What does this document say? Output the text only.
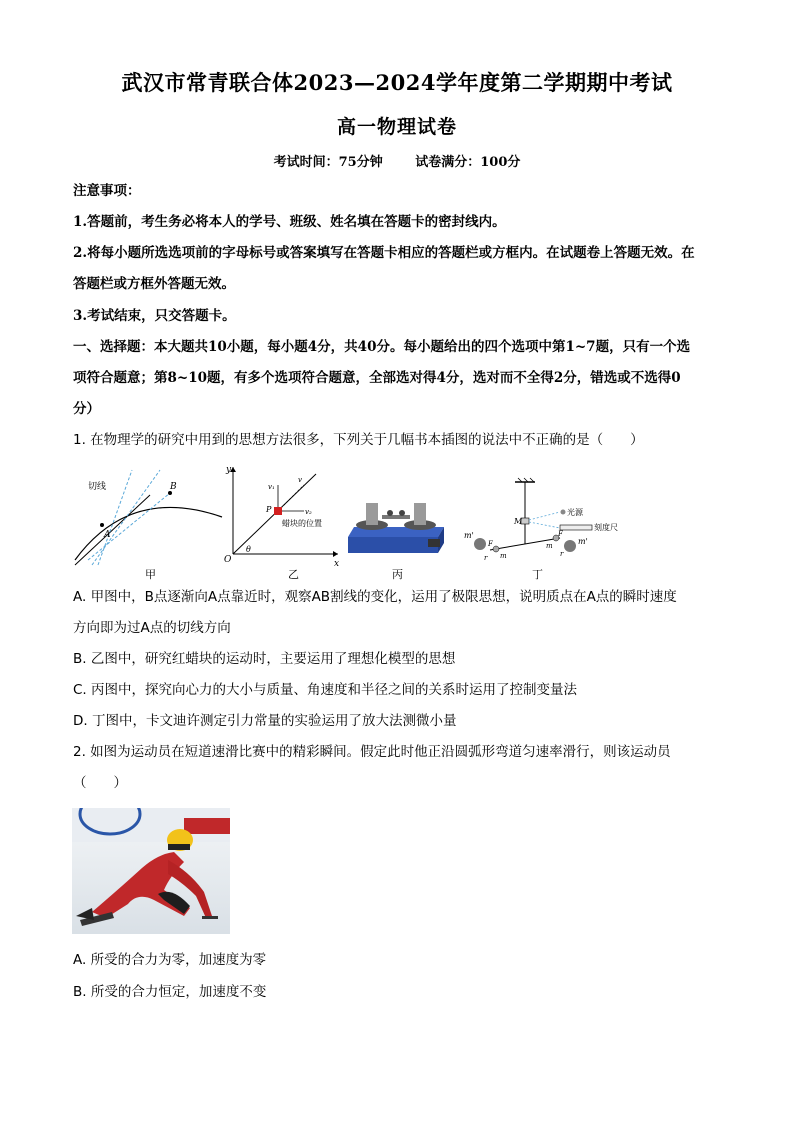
武汉市常青联合体2023—2024学年度第二学期期中考试
高一物理试卷
考试时间：75分钟	试卷满分：100分
注意事项：
1.答题前，考生务必将本人的学号、班级、姓名填在答题卡的密封线内。
2.将每小题所选选项前的字母标号或答案填写在答题卡相应的答题栏或方框内。在试题卷上答题无效。在
答题栏或方框外答题无效。
3.考试结束，只交答题卡。
一、选择题：本大题共10小题，每小题4分，共40分。每小题给出的四个选项中第1~7题，只有一个选
项符合题意；第8~10题，有多个选项符合题意，全部选对得4分，选对而不全得2分，错选或不选得0
分）
1. 在物理学的研究中用到的思想方法很多，下列关于几幅书本插图的说法中不正确的是（　　）
切线
A
B
甲
y
x
O
P
θ
v₁
v₂
v
蜡块的位置
乙	丙
光源
刻度尺
M
m'
m'
m
m
F
F
r	r
丁
A. 甲图中，B点逐渐向A点靠近时，观察AB割线的变化，运用了极限思想，说明质点在A点的瞬时速度
方向即为过A点的切线方向
B. 乙图中，研究红蜡块的运动时，主要运用了理想化模型的思想
C. 丙图中，探究向心力的大小与质量、角速度和半径之间的关系时运用了控制变量法
D. 丁图中，卡文迪许测定引力常量的实验运用了放大法测微小量
2. 如图为运动员在短道速滑比赛中的精彩瞬间。假定此时他正沿圆弧形弯道匀速率滑行，则该运动员
（　　）
A. 所受的合力为零，加速度为零
B. 所受的合力恒定，加速度不变
